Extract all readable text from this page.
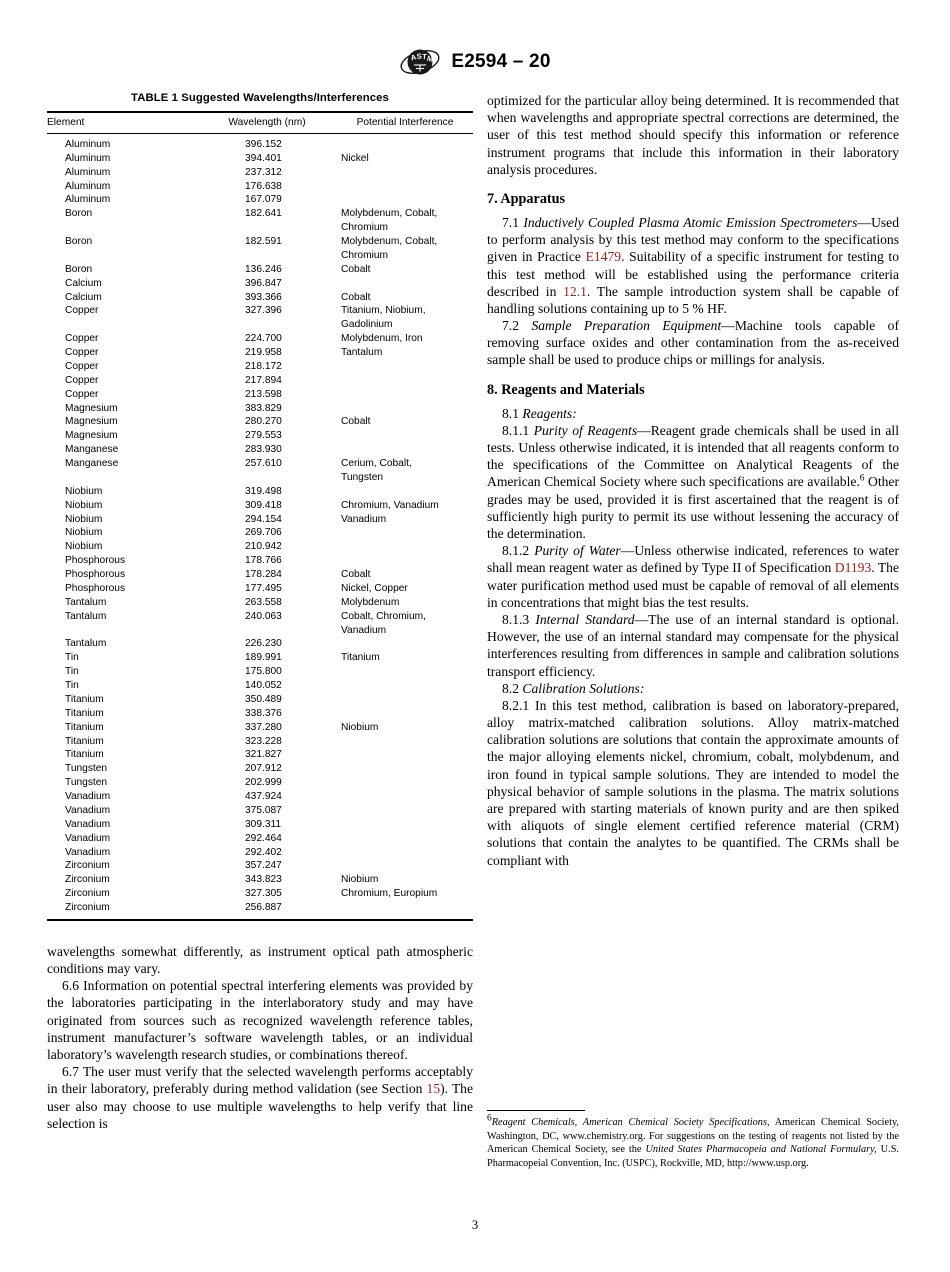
A S T
M E2594 – 20
TABLE 1 Suggested Wavelengths/Interferences
Element	Wavelength (nm)	Potential Interference
Aluminum	396.152	
Aluminum	394.401	Nickel
Aluminum	237.312	
Aluminum	176.638	
Aluminum	167.079	
Boron	182.641	Molybdenum, Cobalt,
Chromium

Boron	182.591	Molybdenum, Cobalt,
Chromium

Boron	136.246	Cobalt
Calcium	396.847	
Calcium	393.366	Cobalt
Copper	327.396	Titanium, Niobium,
Gadolinium

Copper	224.700	Molybdenum, Iron
Copper	219.958	Tantalum
Copper	218.172	
Copper	217.894	
Copper	213.598	
Magnesium	383.829	
Magnesium	280.270	Cobalt
Magnesium	279.553	
Manganese	283.930	
Manganese	257.610	Cerium, Cobalt,
Tungsten

Niobium	319.498	
Niobium	309.418	Chromium, Vanadium
Niobium	294.154	Vanadium
Niobium	269.706	
Niobium	210.942	
Phosphorous	178.766	
Phosphorous	178.284	Cobalt
Phosphorous	177.495	Nickel, Copper
Tantalum	263.558	Molybdenum
Tantalum	240.063	Cobalt, Chromium,
Vanadium

Tantalum	226.230	
Tin	189.991	Titanium
Tin	175.800	
Tin	140.052	
Titanium	350.489	
Titanium	338.376	
Titanium	337.280	Niobium
Titanium	323.228	
Titanium	321.827	
Tungsten	207.912	
Tungsten	202.999	
Vanadium	437.924	
Vanadium	375.087	
Vanadium	309.311	
Vanadium	292.464	
Vanadium	292.402	
Zirconium	357.247	
Zirconium	343.823	Niobium
Zirconium	327.305	Chromium, Europium
Zirconium	256.887	

wavelengths somewhat differently, as instrument optical path atmospheric conditions may vary.

6.6 Information on potential spectral interfering elements was provided by the laboratories participating in the interlaboratory study and may have originated from sources such as recognized wavelength reference tables, instrument manufacturer’s software wavelength tables, or an individual laboratory’s wavelength research studies, or combinations thereof.

6.7 The user must verify that the selected wavelength performs acceptably in their laboratory, preferably during method validation (see Section 15). The user also may choose to use multiple wavelengths to help verify that line selection is

optimized for the particular alloy being determined. It is recommended that when wavelengths and appropriate spectral corrections are determined, the user of this test method should specify this information or reference instrument programs that include this information in their laboratory analysis procedures.

7. Apparatus

7.1 Inductively Coupled Plasma Atomic Emission Spectrometers—Used to perform analysis by this test method may conform to the specifications given in Practice E1479. Suitability of a specific instrument for testing to this test method will be established using the performance criteria described in 12.1. The sample introduction system shall be capable of handling solutions containing up to 5 % HF.

7.2 Sample Preparation Equipment—Machine tools capable of removing surface oxides and other contamination from the as-received sample shall be used to produce chips or millings for analysis.

8. Reagents and Materials

8.1 Reagents:

8.1.1 Purity of Reagents—Reagent grade chemicals shall be used in all tests. Unless otherwise indicated, it is intended that all reagents conform to the specifications of the Committee on Analytical Reagents of the American Chemical Society where such specifications are available.$^6$ Other grades may be used, provided it is first ascertained that the reagent is of sufficiently high purity to permit its use without lessening the accuracy of the determination.

8.1.2 Purity of Water—Unless otherwise indicated, references to water shall mean reagent water as defined by Type II of Specification D1193. The water purification method used must be capable of removal of all elements in concentrations that might bias the test results.

8.1.3 Internal Standard—The use of an internal standard is optional. However, the use of an internal standard may compensate for the physical interferences resulting from differences in sample and calibration solutions transport efficiency.

8.2 Calibration Solutions:

8.2.1 In this test method, calibration is based on laboratory-prepared, alloy matrix-matched calibration solutions. Alloy matrix-matched calibration solutions are solutions that contain the approximate amounts of the major alloying elements nickel, chromium, cobalt, molybdenum, and iron found in typical sample solutions. They are intended to model the physical behavior of sample solutions in the plasma. The matrix solutions are prepared with starting materials of known purity and are then spiked with aliquots of single element certified reference material (CRM) solutions that contain the analytes to be quantified. The CRMs shall be compliant with

6Reagent Chemicals, American Chemical Society Specifications, American Chemical Society, Washington, DC, www.chemistry.org. For suggestions on the testing of reagents not listed by the American Chemical Society, see the United States Pharmacopeia and National Formulary, U.S. Pharmacopeial Convention, Inc. (USPC), Rockville, MD, http://www.usp.org.

3
